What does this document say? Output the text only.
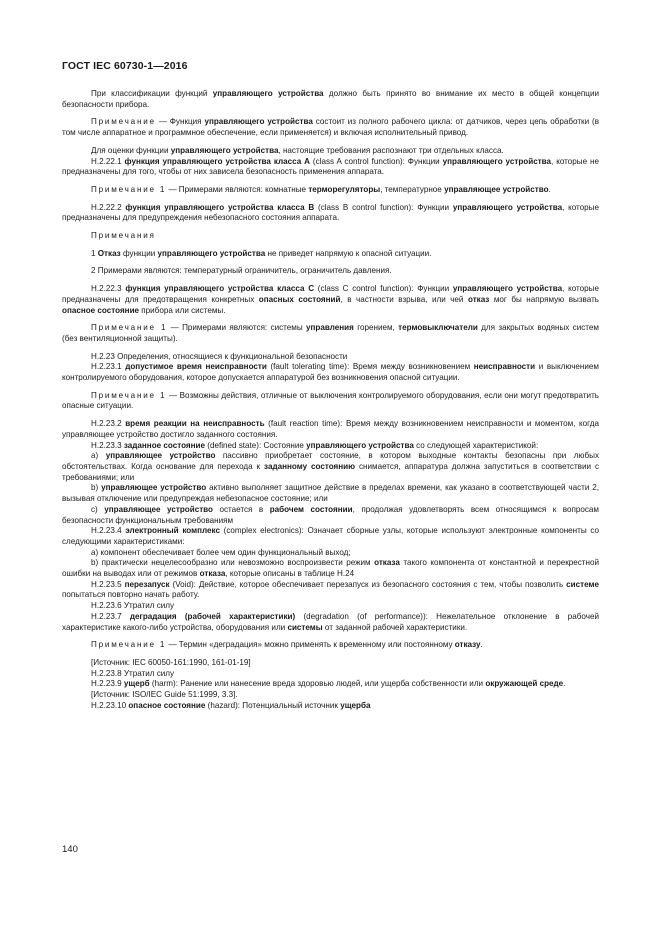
ГОСТ IEC 60730-1—2016

При классификации функций управляющего устройства должно быть принято во внимание их место в общей концепции безопасности прибора.

Примечание — Функция управляющего устройства состоит из полного рабочего цикла: от датчиков, через цепь обработки (в том числе аппаратное и программное обеспечение, если применяется) и включая исполнительный привод.

Для оценки функции управляющего устройства, настоящие требования распознают три отдельных класса.

Н.2.22.1 функция управляющего устройства класса A (class A control function): Функции управляющего устройства, которые не предназначены для того, чтобы от них зависела безопасность применения аппарата.

Примечание 1 — Примерами являются: комнатные терморегуляторы, температурное управляющее устройство.

Н.2.22.2 функция управляющего устройства класса B (class B control function): Функции управляющего устройства, которые предназначены для предупреждения небезопасного состояния аппарата.

Примечания

1 Отказ функции управляющего устройства не приведет напрямую к опасной ситуации.

2 Примерами являются: температурный ограничитель, ограничитель давления.

Н.2.22.3 функция управляющего устройства класса C (class C control function): Функции управляющего устройства, которые предназначены для предотвращения конкретных опасных состояний, в частности взрыва, или чей отказ мог бы напрямую вызвать опасное состояние прибора или системы.

Примечание 1 — Примерами являются: системы управления горением, термовыключатели для закрытых водяных систем (без вентиляционной защиты).

Н.2.23 Определения, относящиеся к функциональной безопасности

Н.2.23.1 допустимое время неисправности (fault tolerating time): Время между возникновением неисправности и выключением контролируемого оборудования, которое допускается аппаратурой без возникновения опасной ситуации.

Примечание 1 — Возможны действия, отличные от выключения контролируемого оборудования, если они могут предотвратить опасные ситуации.

Н.2.23.2 время реакции на неисправность (fault reaction time): Время между возникновением неисправности и моментом, когда управляющее устройство достигло заданного состояния.

Н.2.23.3 заданное состояние (defined state): Состояние управляющего устройства со следующей характеристикой:

a) управляющее устройство пассивно приобретает состояние, в котором выходные контакты безопасны при любых обстоятельствах. Когда основание для перехода к заданному состоянию снимается, аппаратура должна запуститься в соответствии с требованиями; или

b) управляющее устройство активно выполняет защитное действие в пределах времени, как указано в соответствующей части 2, вызывая отключение или предупреждая небезопасное состояние; или

c) управляющее устройство остается в рабочем состоянии, продолжая удовлетворять всем относящимся к вопросам безопасности функциональным требованиям

Н.2.23.4 электронный комплекс (complex electronics): Означает сборные узлы, которые используют электронные компоненты со следующими характеристиками:

a) компонент обеспечивает более чем один функциональный выход;

b) практически нецелесообразно или невозможно воспроизвести режим отказа такого компонента от константной и перекрестной ошибки на выводах или от режимов отказа, которые описаны в таблице Н.24

Н.2.23.5 перезапуск (Void): Действие, которое обеспечивает перезапуск из безопасного состояния с тем, чтобы позволить системе попытаться повторно начать работу.

Н.2.23.6 Утратил силу

Н.2.23.7 деградация (рабочей характеристики) (degradation (of performance)): Нежелательное отклонение в рабочей характеристике какого-либо устройства, оборудования или системы от заданной рабочей характеристики.

Примечание 1 — Термин «деградация» можно применять к временному или постоянному отказу.

[Источник: IEC 60050-161:1990, 161-01-19]

Н.2.23.8 Утратил силу

Н.2.23.9 ущерб (harm): Ранение или нанесение вреда здоровью людей, или ущерба собственности или окружающей среде.

[Источник: ISO/IEC Guide 51:1999, 3.3].

Н.2.23.10 опасное состояние (hazard): Потенциальный источник ущерба

140
